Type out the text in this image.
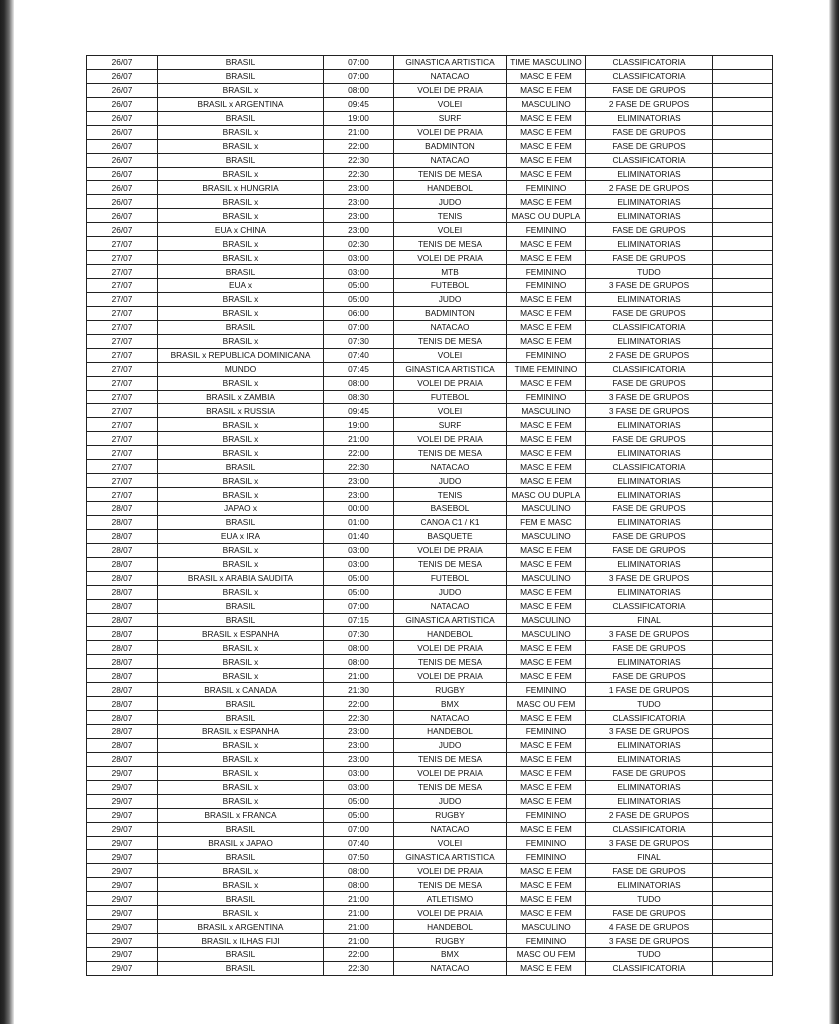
26/07	BRASIL	07:00	GINASTICA ARTISTICA	TIME MASCULINO	CLASSIFICATORIA	
26/07	BRASIL	07:00	NATACAO	MASC E FEM	CLASSIFICATORIA	
26/07	BRASIL x	08:00	VOLEI DE PRAIA	MASC E FEM	FASE DE GRUPOS	
26/07	BRASIL x ARGENTINA	09:45	VOLEI	MASCULINO	2 FASE DE GRUPOS	
26/07	BRASIL	19:00	SURF	MASC E FEM	ELIMINATORIAS	
26/07	BRASIL x	21:00	VOLEI DE PRAIA	MASC E FEM	FASE DE GRUPOS	
26/07	BRASIL x	22:00	BADMINTON	MASC E FEM	FASE DE GRUPOS	
26/07	BRASIL	22:30	NATACAO	MASC E FEM	CLASSIFICATORIA	
26/07	BRASIL x	22:30	TENIS DE MESA	MASC E FEM	ELIMINATORIAS	
26/07	BRASIL x HUNGRIA	23:00	HANDEBOL	FEMININO	2 FASE DE GRUPOS	
26/07	BRASIL x	23:00	JUDO	MASC E FEM	ELIMINATORIAS	
26/07	BRASIL x	23:00	TENIS	MASC OU DUPLA	ELIMINATORIAS	
26/07	EUA x CHINA	23:00	VOLEI	FEMININO	FASE DE GRUPOS	
27/07	BRASIL x	02:30	TENIS DE MESA	MASC E FEM	ELIMINATORIAS	
27/07	BRASIL x	03:00	VOLEI DE PRAIA	MASC E FEM	FASE DE GRUPOS	
27/07	BRASIL	03:00	MTB	FEMININO	TUDO	
27/07	EUA x	05:00	FUTEBOL	FEMININO	3 FASE DE GRUPOS	
27/07	BRASIL x	05:00	JUDO	MASC E FEM	ELIMINATORIAS	
27/07	BRASIL x	06:00	BADMINTON	MASC E FEM	FASE DE GRUPOS	
27/07	BRASIL	07:00	NATACAO	MASC E FEM	CLASSIFICATORIA	
27/07	BRASIL x	07:30	TENIS DE MESA	MASC E FEM	ELIMINATORIAS	
27/07	BRASIL x REPUBLICA DOMINICANA	07:40	VOLEI	FEMININO	2 FASE DE GRUPOS	
27/07	MUNDO	07:45	GINASTICA ARTISTICA	TIME FEMININO	CLASSIFICATORIA	
27/07	BRASIL x	08:00	VOLEI DE PRAIA	MASC E FEM	FASE DE GRUPOS	
27/07	BRASIL x ZAMBIA	08:30	FUTEBOL	FEMININO	3 FASE DE GRUPOS	
27/07	BRASIL x RUSSIA	09:45	VOLEI	MASCULINO	3 FASE DE GRUPOS	
27/07	BRASIL x	19:00	SURF	MASC E FEM	ELIMINATORIAS	
27/07	BRASIL x	21:00	VOLEI DE PRAIA	MASC E FEM	FASE DE GRUPOS	
27/07	BRASIL x	22:00	TENIS DE MESA	MASC E FEM	ELIMINATORIAS	
27/07	BRASIL	22:30	NATACAO	MASC E FEM	CLASSIFICATORIA	
27/07	BRASIL x	23:00	JUDO	MASC E FEM	ELIMINATORIAS	
27/07	BRASIL x	23:00	TENIS	MASC OU DUPLA	ELIMINATORIAS	
28/07	JAPAO x	00:00	BASEBOL	MASCULINO	FASE DE GRUPOS	
28/07	BRASIL	01:00	CANOA C1 / K1	FEM E MASC	ELIMINATORIAS	
28/07	EUA x IRA	01:40	BASQUETE	MASCULINO	FASE DE GRUPOS	
28/07	BRASIL x	03:00	VOLEI DE PRAIA	MASC E FEM	FASE DE GRUPOS	
28/07	BRASIL x	03:00	TENIS DE MESA	MASC E FEM	ELIMINATORIAS	
28/07	BRASIL x ARABIA SAUDITA	05:00	FUTEBOL	MASCULINO	3 FASE DE GRUPOS	
28/07	BRASIL x	05:00	JUDO	MASC E FEM	ELIMINATORIAS	
28/07	BRASIL	07:00	NATACAO	MASC E FEM	CLASSIFICATORIA	
28/07	BRASIL	07:15	GINASTICA ARTISTICA	MASCULINO	FINAL	
28/07	BRASIL x ESPANHA	07:30	HANDEBOL	MASCULINO	3 FASE DE GRUPOS	
28/07	BRASIL x	08:00	VOLEI DE PRAIA	MASC E FEM	FASE DE GRUPOS	
28/07	BRASIL x	08:00	TENIS DE MESA	MASC E FEM	ELIMINATORIAS	
28/07	BRASIL x	21:00	VOLEI DE PRAIA	MASC E FEM	FASE DE GRUPOS	
28/07	BRASIL x CANADA	21:30	RUGBY	FEMININO	1 FASE DE GRUPOS	
28/07	BRASIL	22:00	BMX	MASC OU FEM	TUDO	
28/07	BRASIL	22:30	NATACAO	MASC E FEM	CLASSIFICATORIA	
28/07	BRASIL x ESPANHA	23:00	HANDEBOL	FEMININO	3 FASE DE GRUPOS	
28/07	BRASIL x	23:00	JUDO	MASC E FEM	ELIMINATORIAS	
28/07	BRASIL x	23:00	TENIS DE MESA	MASC E FEM	ELIMINATORIAS	
29/07	BRASIL x	03:00	VOLEI DE PRAIA	MASC E FEM	FASE DE GRUPOS	
29/07	BRASIL x	03:00	TENIS DE MESA	MASC E FEM	ELIMINATORIAS	
29/07	BRASIL x	05:00	JUDO	MASC E FEM	ELIMINATORIAS	
29/07	BRASIL x FRANCA	05:00	RUGBY	FEMININO	2 FASE DE GRUPOS	
29/07	BRASIL	07:00	NATACAO	MASC E FEM	CLASSIFICATORIA	
29/07	BRASIL x JAPAO	07:40	VOLEI	FEMININO	3 FASE DE GRUPOS	
29/07	BRASIL	07:50	GINASTICA ARTISTICA	FEMININO	FINAL	
29/07	BRASIL x	08:00	VOLEI DE PRAIA	MASC E FEM	FASE DE GRUPOS	
29/07	BRASIL x	08:00	TENIS DE MESA	MASC E FEM	ELIMINATORIAS	
29/07	BRASIL	21:00	ATLETISMO	MASC E FEM	TUDO	
29/07	BRASIL x	21:00	VOLEI DE PRAIA	MASC E FEM	FASE DE GRUPOS	
29/07	BRASIL x ARGENTINA	21:00	HANDEBOL	MASCULINO	4 FASE DE GRUPOS	
29/07	BRASIL x ILHAS FIJI	21:00	RUGBY	FEMININO	3 FASE DE GRUPOS	
29/07	BRASIL	22:00	BMX	MASC OU FEM	TUDO	
29/07	BRASIL	22:30	NATACAO	MASC E FEM	CLASSIFICATORIA	
